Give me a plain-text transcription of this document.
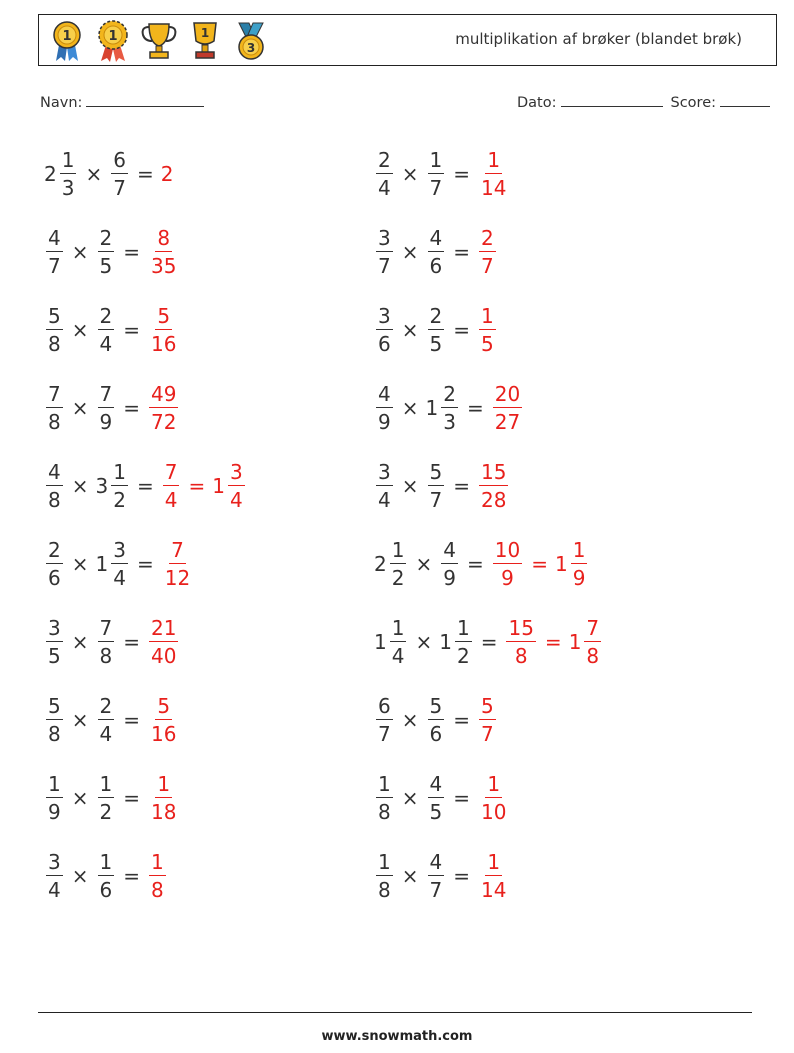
1	1	1
3	multiplikation af brøker (blandet brøk)
Navn:	Dato:	Score:
$2 \frac{1}{3} \times \frac{6}{7} = 2$	$\frac{2}{4} \times \frac{1}{7} = \frac{1}{14}$
$\frac{4}{7} \times \frac{2}{5} = \frac{8}{35}$	$\frac{3}{7} \times \frac{4}{6} = \frac{2}{7}$
$\frac{5}{8} \times \frac{2}{4} = \frac{5}{16}$	$\frac{3}{6} \times \frac{2}{5} = \frac{1}{5}$
$\frac{7}{8} \times \frac{7}{9} = \frac{49}{72}$	$\frac{4}{9} \times 1 \frac{2}{3} = \frac{20}{27}$
$\frac{4}{8} \times 3 \frac{1}{2} = \frac{7}{4} = 1 \frac{3}{4}$	$\frac{3}{4} \times \frac{5}{7} = \frac{15}{28}$
$\frac{2}{6} \times 1 \frac{3}{4} = \frac{7}{12}$	$2 \frac{1}{2} \times \frac{4}{9} = \frac{10}{9} = 1 \frac{1}{9}$
$\frac{3}{5} \times \frac{7}{8} = \frac{21}{40}$	$1 \frac{1}{4} \times 1 \frac{1}{2} = \frac{15}{8} = 1 \frac{7}{8}$
$\frac{5}{8} \times \frac{2}{4} = \frac{5}{16}$	$\frac{6}{7} \times \frac{5}{6} = \frac{5}{7}$
$\frac{1}{9} \times \frac{1}{2} = \frac{1}{18}$	$\frac{1}{8} \times \frac{4}{5} = \frac{1}{10}$
$\frac{3}{4} \times \frac{1}{6} = \frac{1}{8}$	$\frac{1}{8} \times \frac{4}{7} = \frac{1}{14}$
www.snowmath.com
